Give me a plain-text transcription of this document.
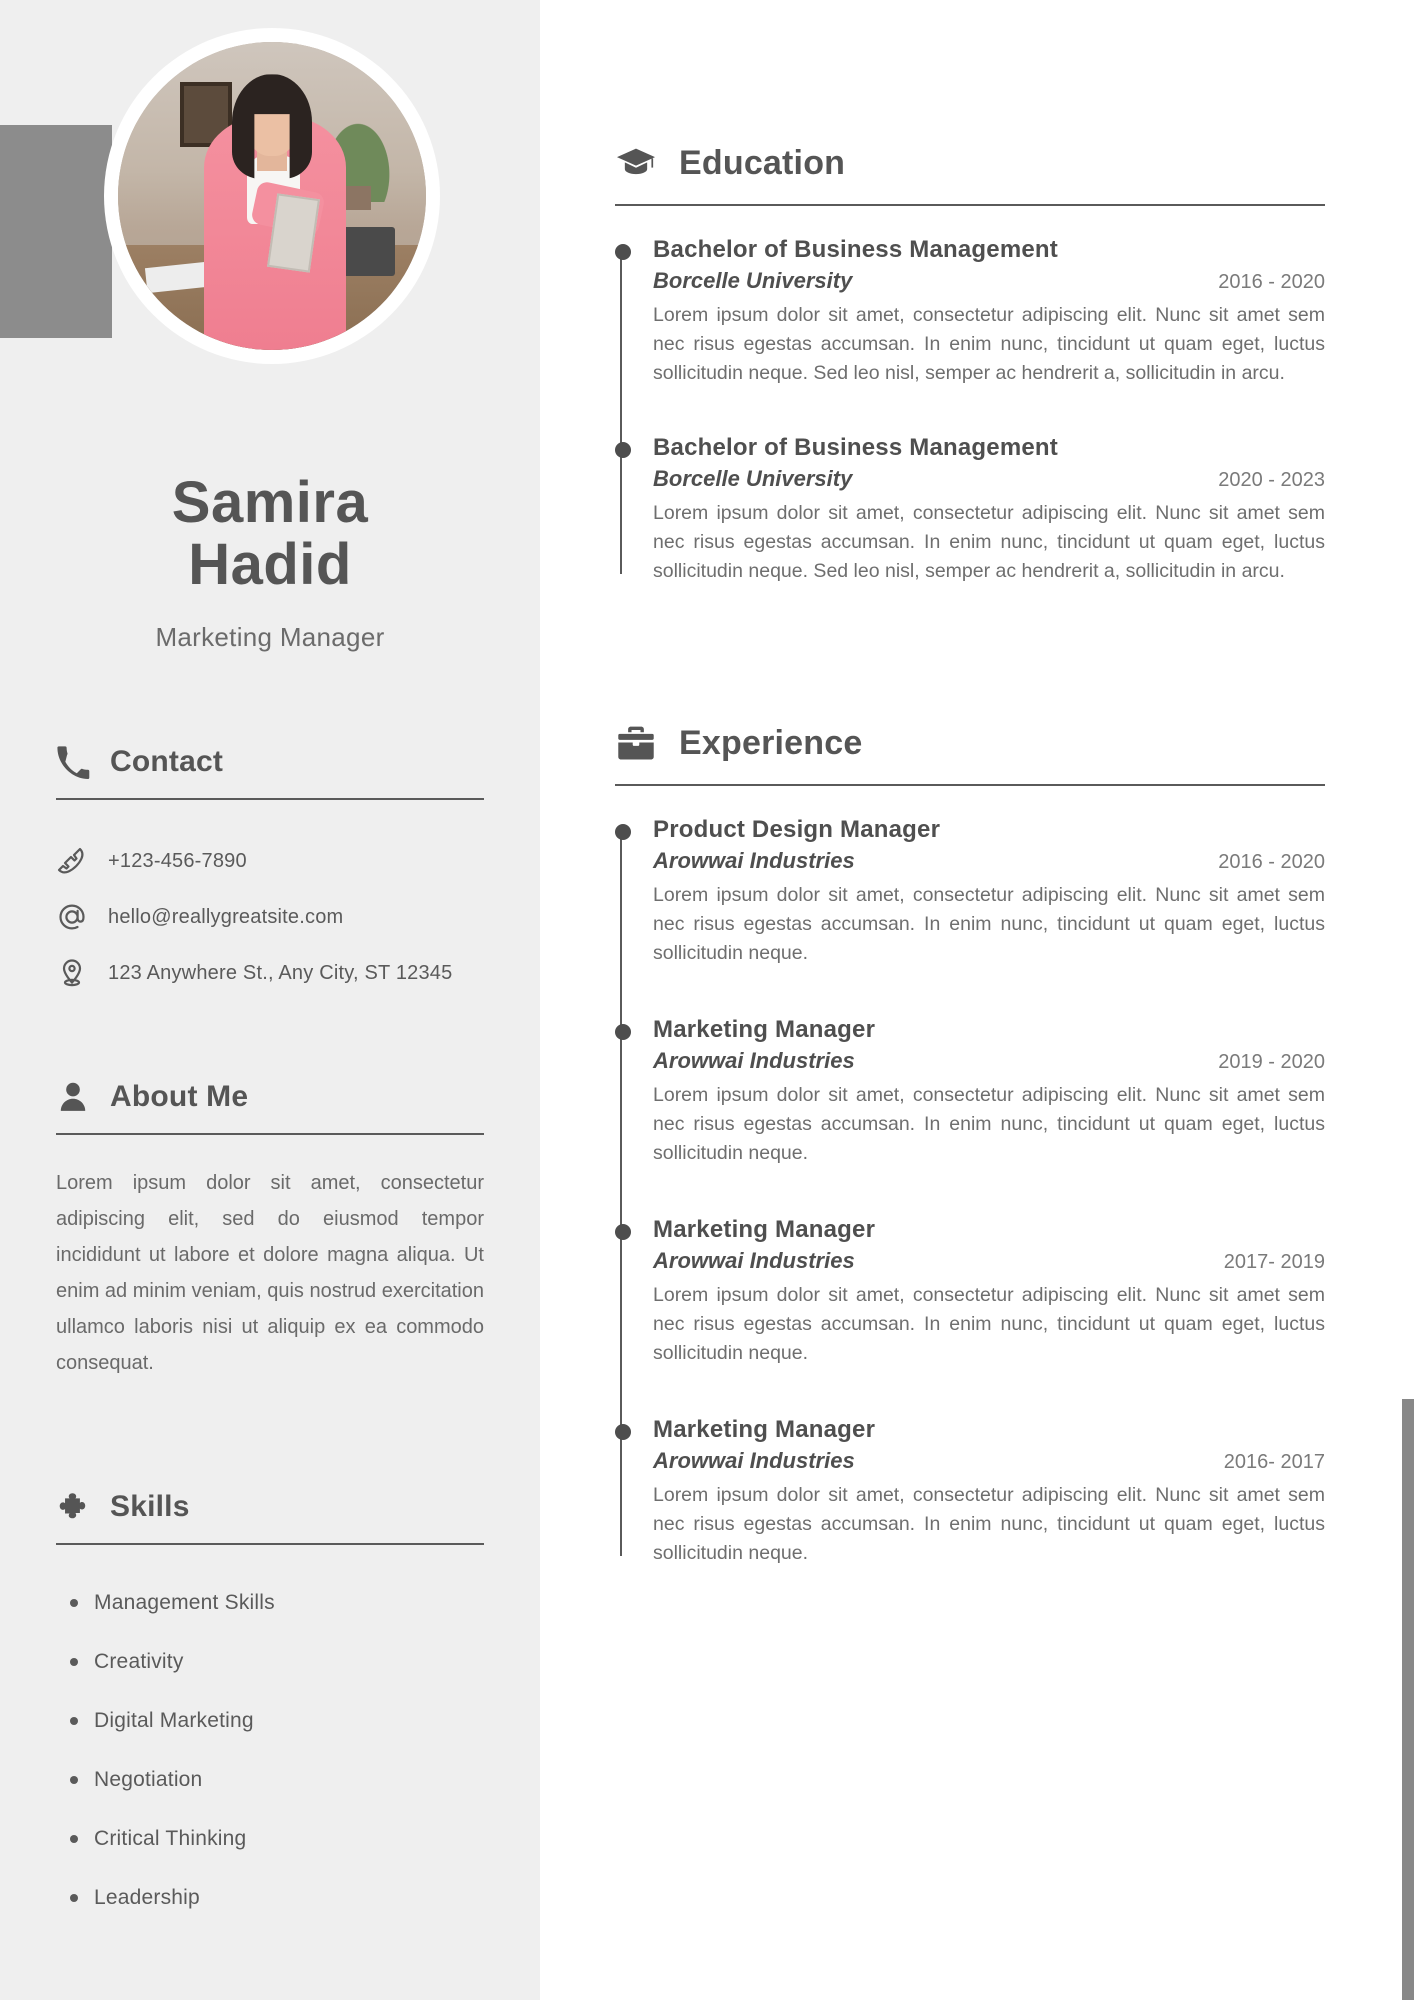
Samira
Hadid
Marketing Manager
Contact
+123-456-7890
hello@reallygreatsite.com
123 Anywhere St., Any City, ST 12345
About Me

Lorem ipsum dolor sit amet, consectetur adipiscing elit, sed do eiusmod tempor incididunt ut labore et dolore magna aliqua. Ut enim ad minim veniam, quis nostrud exercitation ullamco laboris nisi ut aliquip ex ea commodo consequat.

Skills
Management Skills
Creativity
Digital Marketing
Negotiation
Critical Thinking
Leadership
Education
Bachelor of Business Management
Borcelle University	2016 - 2020

Lorem ipsum dolor sit amet, consectetur adipiscing elit. Nunc sit amet sem nec risus egestas accumsan. In enim nunc, tincidunt ut quam eget, luctus sollicitudin neque. Sed leo nisl, semper ac hendrerit a, sollicitudin in arcu.

Bachelor of Business Management
Borcelle University	2020 - 2023

Lorem ipsum dolor sit amet, consectetur adipiscing elit. Nunc sit amet sem nec risus egestas accumsan. In enim nunc, tincidunt ut quam eget, luctus sollicitudin neque. Sed leo nisl, semper ac hendrerit a, sollicitudin in arcu.

Experience
Product Design Manager
Arowwai Industries	2016 - 2020

Lorem ipsum dolor sit amet, consectetur adipiscing elit. Nunc sit amet sem nec risus egestas accumsan. In enim nunc, tincidunt ut quam eget, luctus sollicitudin neque.

Marketing Manager
Arowwai Industries	2019 - 2020

Lorem ipsum dolor sit amet, consectetur adipiscing elit. Nunc sit amet sem nec risus egestas accumsan. In enim nunc, tincidunt ut quam eget, luctus sollicitudin neque.

Marketing Manager
Arowwai Industries	2017- 2019

Lorem ipsum dolor sit amet, consectetur adipiscing elit. Nunc sit amet sem nec risus egestas accumsan. In enim nunc, tincidunt ut quam eget, luctus sollicitudin neque.

Marketing Manager
Arowwai Industries	2016- 2017

Lorem ipsum dolor sit amet, consectetur adipiscing elit. Nunc sit amet sem nec risus egestas accumsan. In enim nunc, tincidunt ut quam eget, luctus sollicitudin neque.
